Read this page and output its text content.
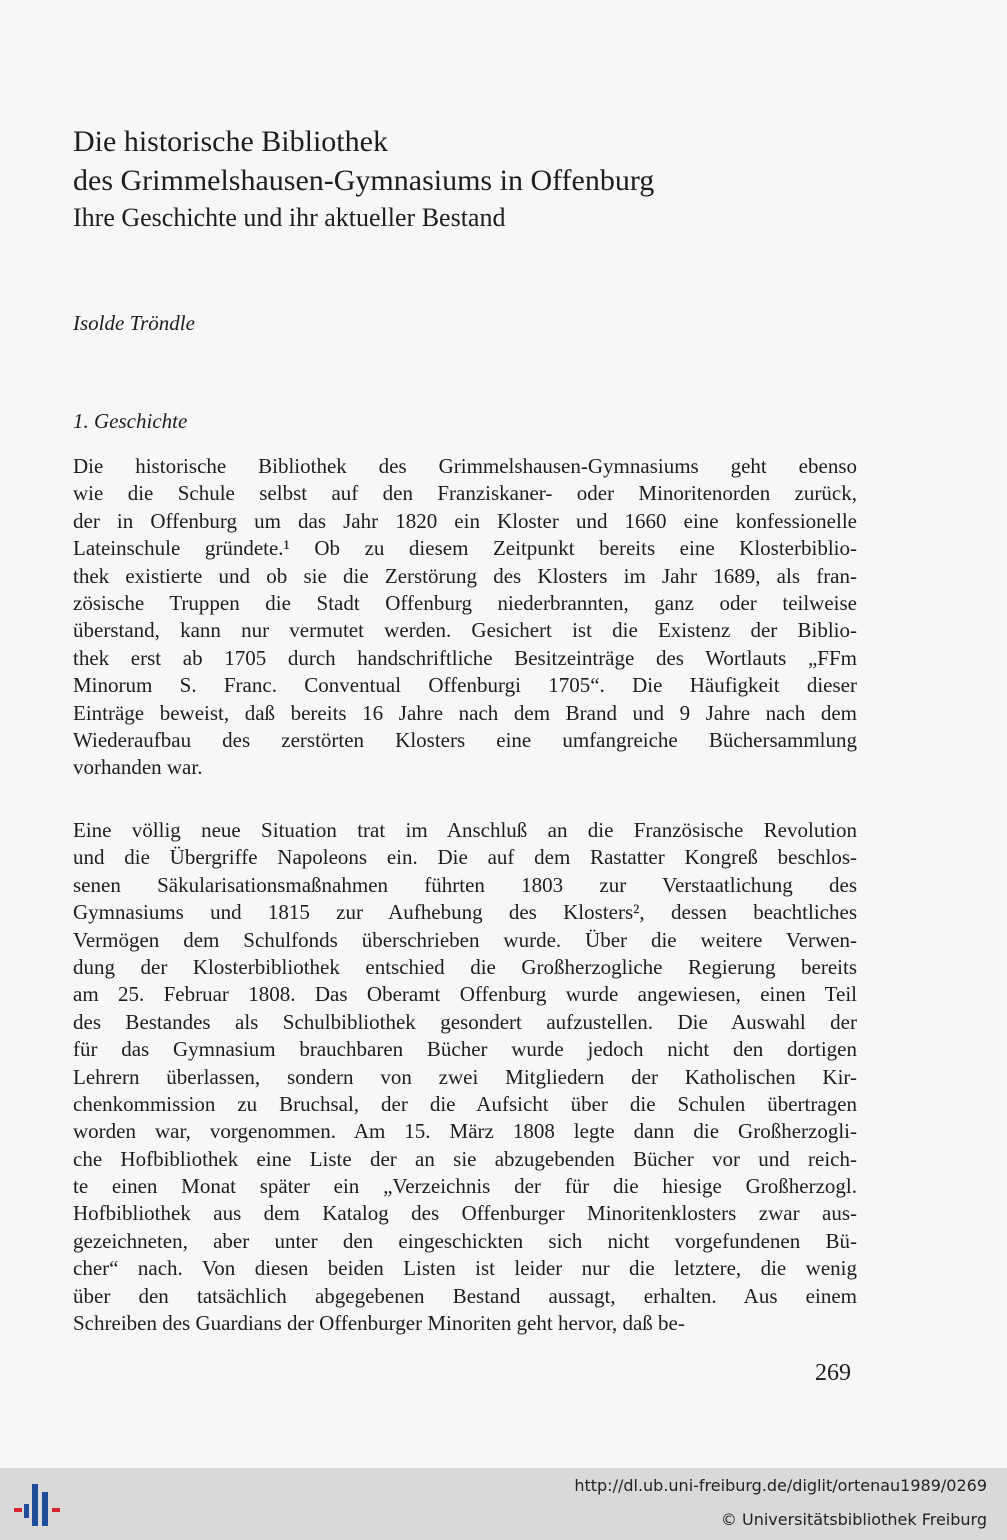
Die historische Bibliothek
des Grimmelshausen-Gymnasiums in Offenburg
Ihre Geschichte und ihr aktueller Bestand

Isolde Tröndle

1. Geschichte
Die historische Bibliothek des Grimmelshausen-Gymnasiums geht ebenso
wie die Schule selbst auf den Franziskaner- oder Minoritenorden zurück,
der in Offenburg um das Jahr 1820 ein Kloster und 1660 eine konfessionelle
Lateinschule gründete.¹ Ob zu diesem Zeitpunkt bereits eine Klosterbiblio-
thek existierte und ob sie die Zerstörung des Klosters im Jahr 1689, als fran-
zösische Truppen die Stadt Offenburg niederbrannten, ganz oder teilweise
überstand, kann nur vermutet werden. Gesichert ist die Existenz der Biblio-
thek erst ab 1705 durch handschriftliche Besitzeinträge des Wortlauts „FFm
Minorum S. Franc. Conventual Offenburgi 1705“. Die Häufigkeit dieser
Einträge beweist, daß bereits 16 Jahre nach dem Brand und 9 Jahre nach dem
Wiederaufbau des zerstörten Klosters eine umfangreiche Büchersammlung
vorhanden war.
Eine völlig neue Situation trat im Anschluß an die Französische Revolution
und die Übergriffe Napoleons ein. Die auf dem Rastatter Kongreß beschlos-
senen Säkularisationsmaßnahmen führten 1803 zur Verstaatlichung des
Gymnasiums und 1815 zur Aufhebung des Klosters², dessen beachtliches
Vermögen dem Schulfonds überschrieben wurde. Über die weitere Verwen-
dung der Klosterbibliothek entschied die Großherzogliche Regierung bereits
am 25. Februar 1808. Das Oberamt Offenburg wurde angewiesen, einen Teil
des Bestandes als Schulbibliothek gesondert aufzustellen. Die Auswahl der
für das Gymnasium brauchbaren Bücher wurde jedoch nicht den dortigen
Lehrern überlassen, sondern von zwei Mitgliedern der Katholischen Kir-
chenkommission zu Bruchsal, der die Aufsicht über die Schulen übertragen
worden war, vorgenommen. Am 15. März 1808 legte dann die Großherzogli-
che Hofbibliothek eine Liste der an sie abzugebenden Bücher vor und reich-
te einen Monat später ein „Verzeichnis der für die hiesige Großherzogl.
Hofbibliothek aus dem Katalog des Offenburger Minoritenklosters zwar aus-
gezeichneten, aber unter den eingeschickten sich nicht vorgefundenen Bü-
cher“ nach. Von diesen beiden Listen ist leider nur die letztere, die wenig
über den tatsächlich abgegebenen Bestand aussagt, erhalten. Aus einem
Schreiben des Guardians der Offenburger Minoriten geht hervor, daß be-

269

http://dl.ub.uni-freiburg.de/diglit/ortenau1989/0269
© Universitätsbibliothek Freiburg
